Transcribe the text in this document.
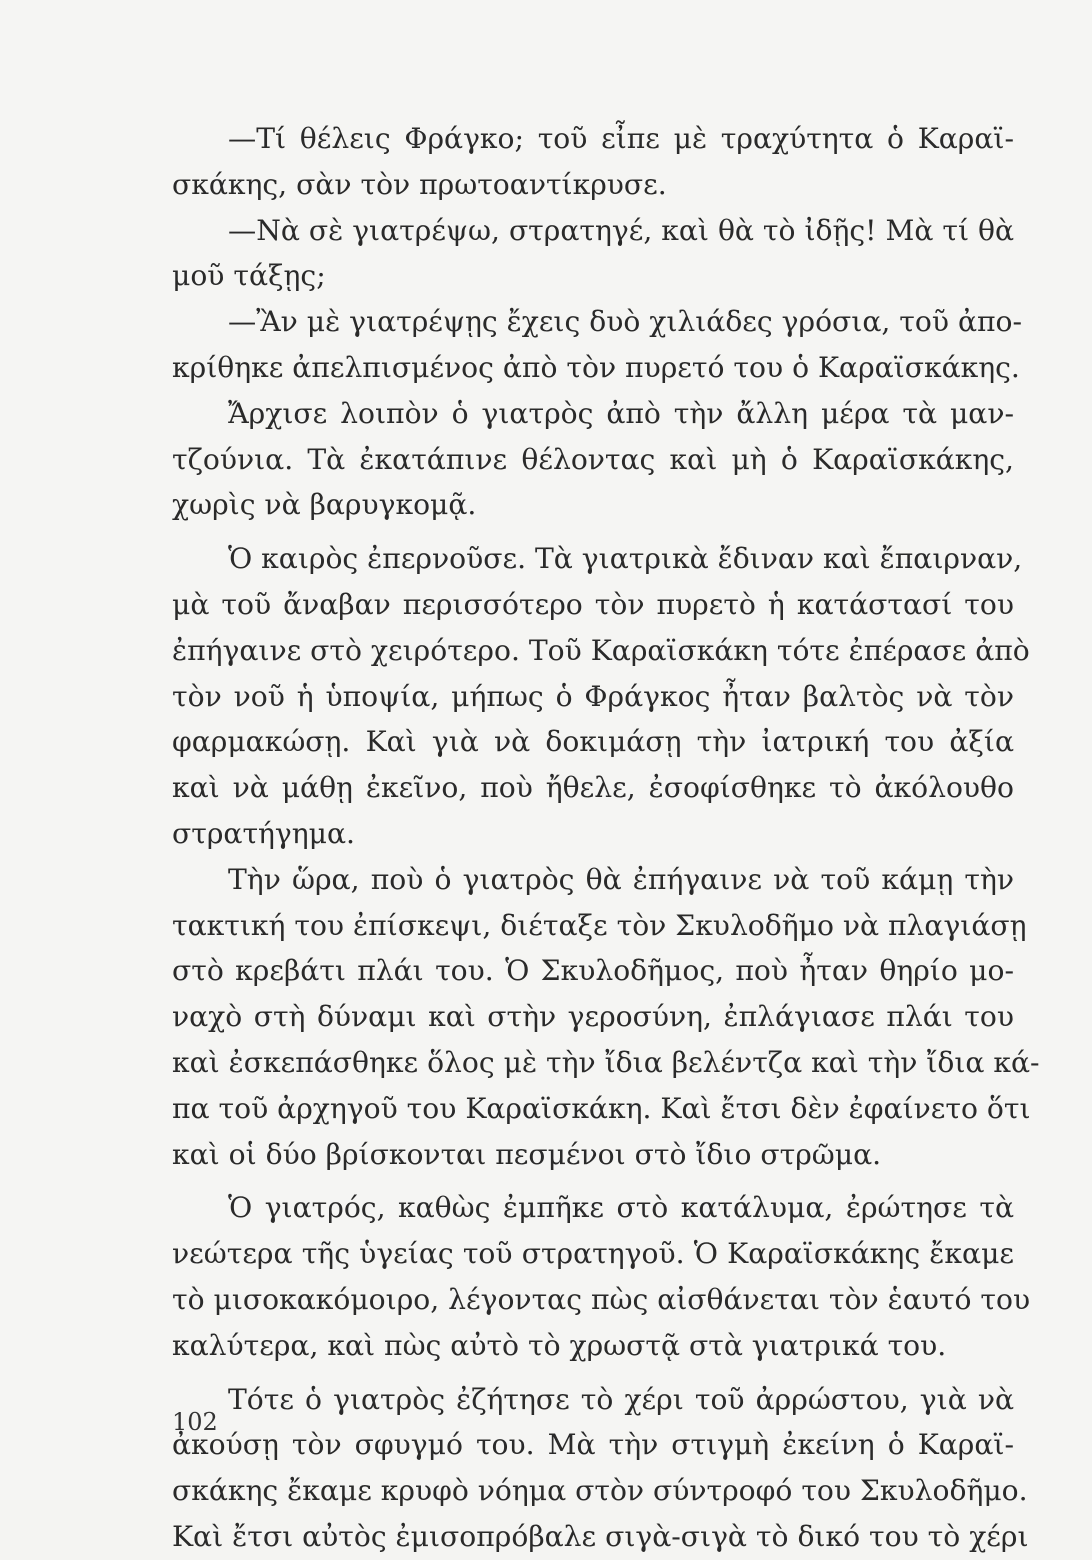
—Τί θέλεις Φράγκο; τοῦ εἶπε μὲ τραχύτητα ὁ Καραϊ-
σκάκης, σὰν τὸν πρωτοαντίκρυσε.
—Νὰ σὲ γιατρέψω, στρατηγέ, καὶ θὰ τὸ ἰδῇς! Μὰ τί θὰ
μοῦ τάξῃς;
—Ἂν μὲ γιατρέψῃς ἔχεις δυὸ χιλιάδες γρόσια, τοῦ ἀπο-
κρίθηκε ἀπελπισμένος ἀπὸ τὸν πυρετό του ὁ Καραϊσκάκης.
Ἄρχισε λοιπὸν ὁ γιατρὸς ἀπὸ τὴν ἄλλη μέρα τὰ μαν-
τζούνια. Τὰ ἐκατάπινε θέλοντας καὶ μὴ ὁ Καραϊσκάκης,
χωρὶς νὰ βαρυγκομᾷ.
Ὁ καιρὸς ἐπερνοῦσε. Τὰ γιατρικὰ ἔδιναν καὶ ἔπαιρναν,
μὰ τοῦ ἄναβαν περισσότερο τὸν πυρετὸ ἡ κατάστασί του
ἐπήγαινε στὸ χειρότερο. Τοῦ Καραϊσκάκη τότε ἐπέρασε ἀπὸ
τὸν νοῦ ἡ ὑποψία, μήπως ὁ Φράγκος ἦταν βαλτὸς νὰ τὸν
φαρμακώσῃ. Καὶ γιὰ νὰ δοκιμάσῃ τὴν ἰατρική του ἀξία
καὶ νὰ μάθῃ ἐκεῖνο, ποὺ ἤθελε, ἐσοφίσθηκε τὸ ἀκόλουθο
στρατήγημα.
Τὴν ὥρα, ποὺ ὁ γιατρὸς θὰ ἐπήγαινε νὰ τοῦ κάμῃ τὴν
τακτική του ἐπίσκεψι, διέταξε τὸν Σκυλοδῆμο νὰ πλαγιάσῃ
στὸ κρεβάτι πλάι του. Ὁ Σκυλοδῆμος, ποὺ ἦταν θηρίο μο-
ναχὸ στὴ δύναμι καὶ στὴν γεροσύνη, ἐπλάγιασε πλάι του
καὶ ἐσκεπάσθηκε ὅλος μὲ τὴν ἴδια βελέντζα καὶ τὴν ἴδια κά-
πα τοῦ ἀρχηγοῦ του Καραϊσκάκη. Καὶ ἔτσι δὲν ἐφαίνετο ὅτι
καὶ οἱ δύο βρίσκονται πεσμένοι στὸ ἴδιο στρῶμα.
Ὁ γιατρός, καθὼς ἐμπῆκε στὸ κατάλυμα, ἐρώτησε τὰ
νεώτερα τῆς ὑγείας τοῦ στρατηγοῦ. Ὁ Καραϊσκάκης ἔκαμε
τὸ μισοκακόμοιρο, λέγοντας πὼς αἰσθάνεται τὸν ἑαυτό του
καλύτερα, καὶ πὼς αὐτὸ τὸ χρωστᾷ στὰ γιατρικά του.
Τότε ὁ γιατρὸς ἐζήτησε τὸ χέρι τοῦ ἀρρώστου, γιὰ νὰ
ἀκούσῃ τὸν σφυγμό του. Μὰ τὴν στιγμὴ ἐκείνη ὁ Καραϊ-
σκάκης ἔκαμε κρυφὸ νόημα στὸν σύντροφό του Σκυλοδῆμο.
Καὶ ἔτσι αὐτὸς ἐμισοπρόβαλε σιγὰ-σιγὰ τὸ δικό του τὸ χέρι
102
